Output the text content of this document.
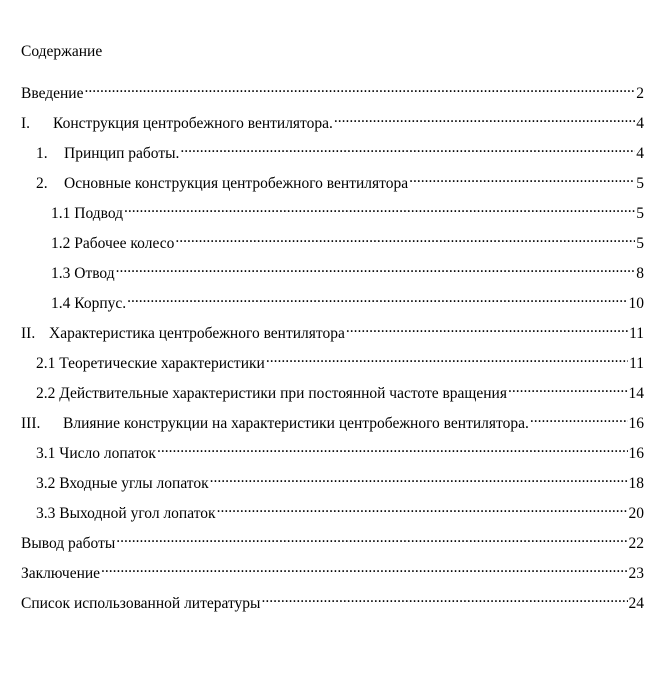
Содержание
Введение .....	2
I.	Конструкция центробежного вентилятора. .....	4
1.	Принцип работы. .....	4
2.	Основные конструкция центробежного вентилятора .....	5
1.1 Подвод .....	5
1.2 Рабочее колесо .....	5
1.3 Отвод .....	8
1.4 Корпус. .....	10
II. Характеристика центробежного вентилятора .....	11
2.1 Теоретические характеристики .....	11
2.2 Действительные характеристики при постоянной частоте вращения .....	14
III.	Влияние конструкции на характеристики центробежного вентилятора. .....	16
3.1 Число лопаток .....	16
3.2 Входные углы лопаток .....	18
3.3 Выходной угол лопаток .....	20
Вывод работы .....	22
Заключение .....	23
Список использованной литературы .....	24
